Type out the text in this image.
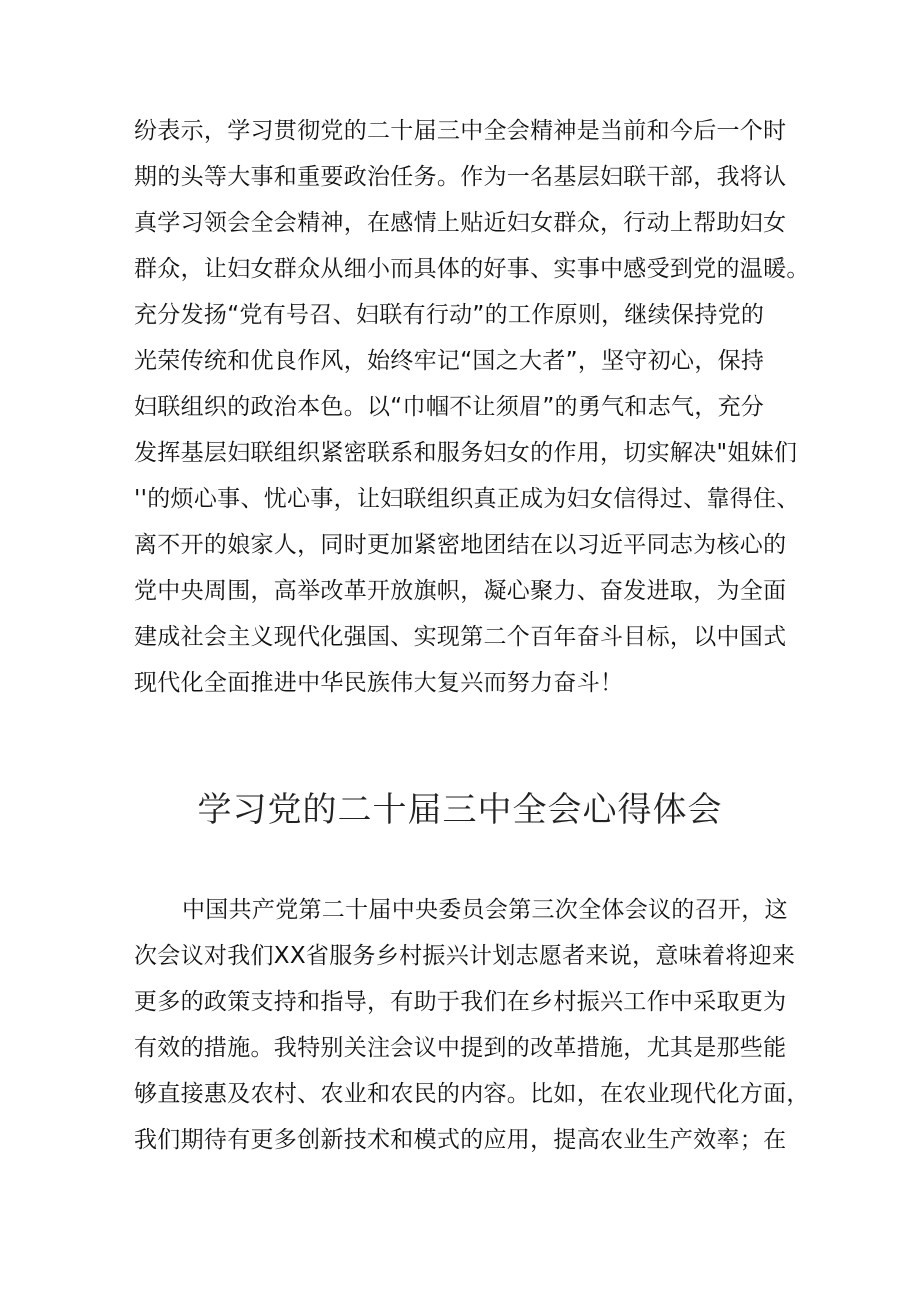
纷表示，学习贯彻党的二十届三中全会精神是当前和今后一个时
期的头等大事和重要政治任务。作为一名基层妇联干部，我将认
真学习领会全会精神，在感情上贴近妇女群众，行动上帮助妇女
群众，让妇女群众从细小而具体的好事、实事中感受到党的温暖。
充分发扬“党有号召、妇联有行动”的工作原则，继续保持党的
光荣传统和优良作风，始终牢记“国之大者”，坚守初心，保持
妇联组织的政治本色。以“巾帼不让须眉”的勇气和志气，充分
发挥基层妇联组织紧密联系和服务妇女的作用，切实解决"姐妹们
''的烦心事、忧心事，让妇联组织真正成为妇女信得过、靠得住、
离不开的娘家人，同时更加紧密地团结在以习近平同志为核心的
党中央周围，高举改革开放旗帜，凝心聚力、奋发进取，为全面
建成社会主义现代化强国、实现第二个百年奋斗目标，以中国式
现代化全面推进中华民族伟大复兴而努力奋斗！
学习党的二十届三中全会心得体会
中国共产党第二十届中央委员会第三次全体会议的召开，这
次会议对我们XX省服务乡村振兴计划志愿者来说，意味着将迎来
更多的政策支持和指导，有助于我们在乡村振兴工作中采取更为
有效的措施。我特别关注会议中提到的改革措施，尤其是那些能
够直接惠及农村、农业和农民的内容。比如，在农业现代化方面，
我们期待有更多创新技术和模式的应用，提高农业生产效率；在
